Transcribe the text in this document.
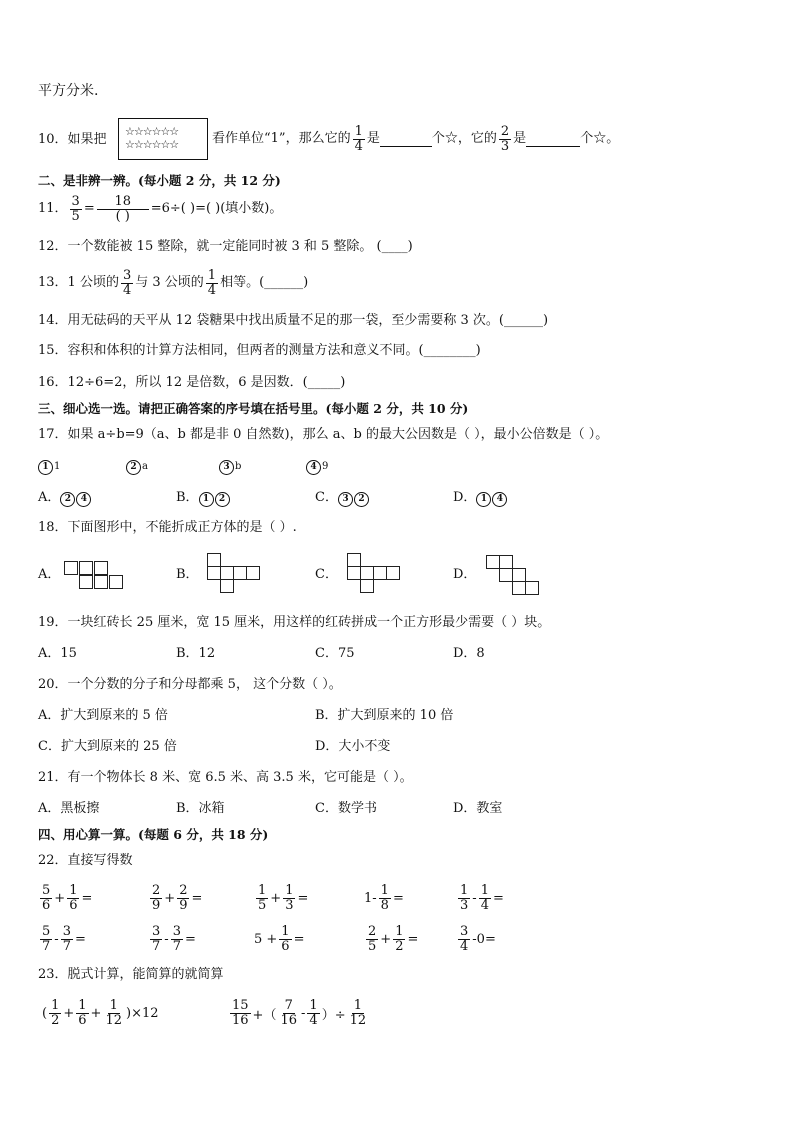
平方分米.
10．如果把
☆☆☆☆☆☆
☆☆☆☆☆☆	看作单位“1”，那么它的 $\frac{1}{4}$ 是	个☆，它的 $\frac{2}{3}$ 是	个☆。
二、是非辨一辨。(每小题 2 分，共 12 分)
11． $\frac{3}{5} = \frac{18}{( )} =6\div$( )=( )(填小数)。
12．一个数能被 15 整除，就一定能同时被 3 和 5 整除。 (____)
13．1 公顷的 $\frac{3}{4}$ 与 3 公顷的 $\frac{1}{4}$ 相等。(______)
14．用无砝码的天平从 12 袋糖果中找出质量不足的那一袋，至少需要称 3 次。(______)
15．容积和体积的计算方法相同，但两者的测量方法和意义不同。(________)
16．12÷6=2，所以 12 是倍数，6 是因数．(_____)
三、细心选一选。请把正确答案的序号填在括号里。(每小题 2 分，共 10 分)
17．如果 a÷b=9（a、b 都是非 0 自然数)，那么 a、b 的最大公因数是（ ），最小公倍数是（ ）。
1 1	2 a	3 b	4 9
A． 2 4	B． 1 2	C． 3 2	D． 1 4
18．下面图形中，不能折成正方体的是（ ）.
A．	B．	C．	D．
19．一块红砖长 25 厘米，宽 15 厘米，用这样的红砖拼成一个正方形最少需要（ ）块。
A．15	B．12	C．75	D．8
20．一个分数的分子和分母都乘 5， 这个分数（ ）。
A．扩大到原来的 5 倍	B．扩大到原来的 10 倍
C．扩大到原来的 25 倍	D．大小不变
21．有一个物体长 8 米、宽 6.5 米、高 3.5 米，它可能是（ ）。
A．黑板擦	B．冰箱	C．数学书	D．教室
四、用心算一算。(每题 6 分，共 18 分)
22．直接写得数
$\frac{5}{6} + \frac{1}{6}$ =	$\frac{2}{9} + \frac{2}{9}$ =	$\frac{1}{5} + \frac{1}{3}$ =	$1- \frac{1}{8}$ =	$\frac{1}{3} - \frac{1}{4}$ =
$\frac{5}{7} - \frac{3}{7}$ =	$\frac{3}{7} - \frac{3}{7}$ =	$5 + \frac{1}{6}$ =	$\frac{2}{5} + \frac{1}{2}$ =	$\frac{3}{4} -0=$
23．脱式计算，能简算的就简算
( $\frac{1}{2} + \frac{1}{6} + \frac{1}{12} )\times 12$	$\frac{15}{16}$ +（ $\frac{7}{16} - \frac{1}{4}$ ）÷ $\frac{1}{12}$
